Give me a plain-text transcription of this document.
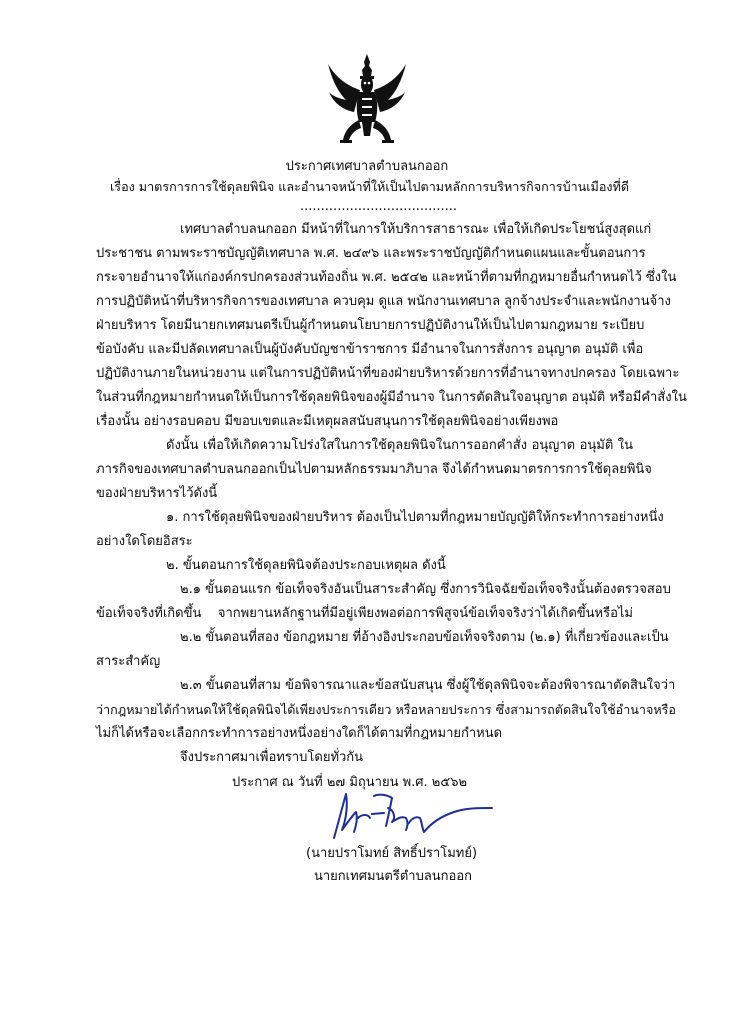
ประกาศเทศบาลตำบลนกออก
เรื่อง มาตรการการใช้ดุลยพินิจ และอำนาจหน้าที่ให้เป็นไปตามหลักการบริหารกิจการบ้านเมืองที่ดี
......................................
เทศบาลตำบลนกออก มีหน้าที่ในการให้บริการสาธารณะ เพื่อให้เกิดประโยชน์สูงสุดแก่
ประชาชน ตามพระราชบัญญัติเทศบาล พ.ศ. ๒๔๙๖ และพระราชบัญญัติกำหนดแผนและขั้นตอนการ
กระจายอำนาจให้แก่องค์กรปกครองส่วนท้องถิ่น พ.ศ. ๒๕๔๒ และหน้าที่ตามที่กฎหมายอื่นกำหนดไว้ ซึ่งใน
การปฏิบัติหน้าที่บริหารกิจการของเทศบาล ควบคุม ดูแล พนักงานเทศบาล ลูกจ้างประจำและพนักงานจ้าง
ฝ่ายบริหาร โดยมีนายกเทศมนตรีเป็นผู้กำหนดนโยบายการปฏิบัติงานให้เป็นไปตามกฎหมาย ระเบียบ
ข้อบังคับ และมีปลัดเทศบาลเป็นผู้บังคับบัญชาข้าราชการ มีอำนาจในการสั่งการ อนุญาต อนุมัติ เพื่อ
ปฏิบัติงานภายในหน่วยงาน แต่ในการปฏิบัติหน้าที่ของฝ่ายบริหารด้วยการที่อำนาจทางปกครอง โดยเฉพาะ
ในส่วนที่กฎหมายกำหนดให้เป็นการใช้ดุลยพินิจของผู้มีอำนาจ ในการตัดสินใจอนุญาต อนุมัติ หรือมีคำสั่งใน
เรื่องนั้น อย่างรอบคอบ มีขอบเขตและมีเหตุผลสนับสนุนการใช้ดุลยพินิจอย่างเพียงพอ
ดังนั้น เพื่อให้เกิดความโปร่งใสในการใช้ดุลยพินิจในการออกคำสั่ง อนุญาต อนุมัติ ใน
ภารกิจของเทศบาลตำบลนกออกเป็นไปตามหลักธรรมมาภิบาล จึงได้กำหนดมาตรการการใช้ดุลยพินิจ
ของฝ่ายบริหารไว้ดังนี้
๑. การใช้ดุลยพินิจของฝ่ายบริหาร ต้องเป็นไปตามที่กฎหมายบัญญัติให้กระทำการอย่างหนึ่ง
อย่างใดโดยอิสระ
๒. ขั้นตอนการใช้ดุลยพินิจต้องประกอบเหตุผล ดังนี้
๒.๑ ขั้นตอนแรก ข้อเท็จจริงอันเป็นสาระสำคัญ ซึ่งการวินิจฉัยข้อเท็จจริงนั้นต้องตรวจสอบ
ข้อเท็จจริงที่เกิดขึ้น จากพยานหลักฐานที่มีอยู่เพียงพอต่อการพิสูจน์ข้อเท็จจริงว่าได้เกิดขึ้นหรือไม่
๒.๒ ขั้นตอนที่สอง ข้อกฎหมาย ที่อ้างอิงประกอบข้อเท็จจริงตาม (๒.๑) ที่เกี่ยวข้องและเป็น
สาระสำคัญ
๒.๓ ขั้นตอนที่สาม ข้อพิจารณาและข้อสนับสนุน ซึ่งผู้ใช้ดุลพินิจจะต้องพิจารณาตัดสินใจว่า
ว่ากฎหมายได้กำหนดให้ใช้ดุลพินิจได้เพียงประการเดียว หรือหลายประการ ซึ่งสามารถตัดสินใจใช้อำนาจหรือ
ไม่ก็ได้หรือจะเลือกกระทำการอย่างหนึ่งอย่างใดก็ได้ตามที่กฎหมายกำหนด
จึงประกาศมาเพื่อทราบโดยทั่วกัน
ประกาศ ณ วันที่ ๒๗ มิถุนายน พ.ศ. ๒๕๖๒
(นายปราโมทย์ สิทธิ์ปราโมทย์)
นายกเทศมนตรีตำบลนกออก
